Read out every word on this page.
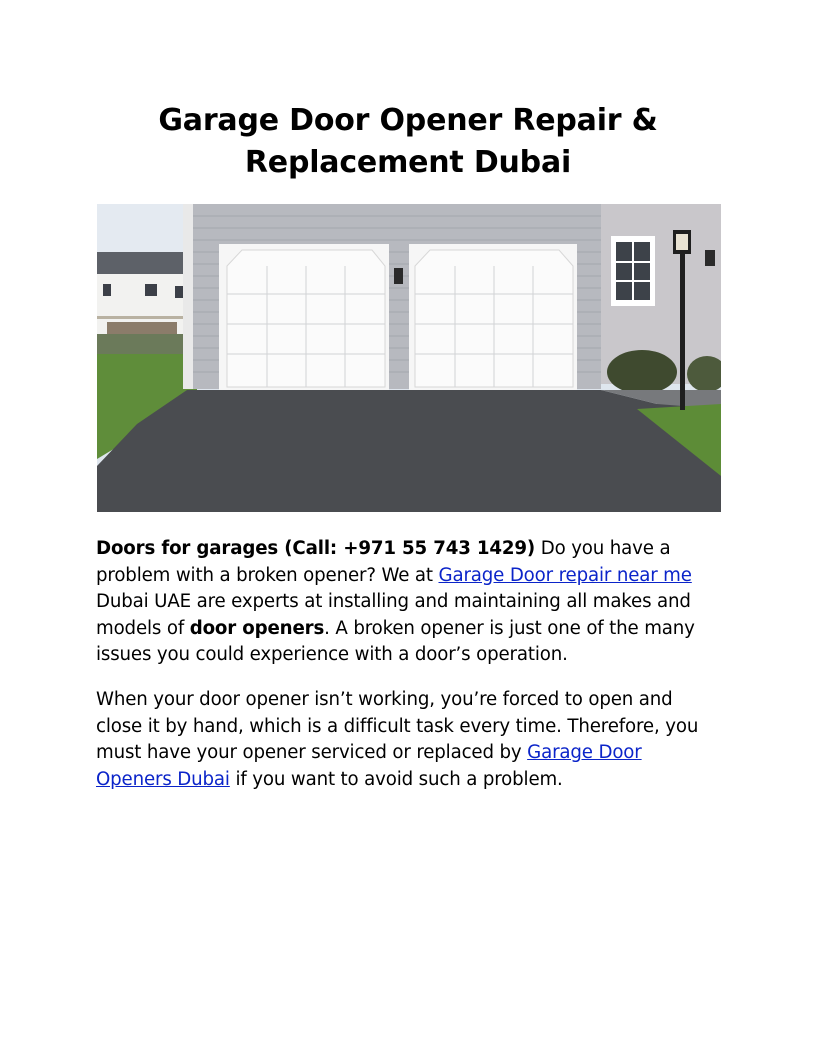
Garage Door Opener Repair &
Replacement Dubai

Doors for garages (Call: +971 55 743 1429) Do you have a problem with a broken opener? We at Garage Door repair near me Dubai UAE are experts at installing and maintaining all makes and models of door openers. A broken opener is just one of the many issues you could experience with a door’s operation.

When your door opener isn’t working, you’re forced to open and close it by hand, which is a difficult task every time. Therefore, you must have your opener serviced or replaced by Garage Door Openers Dubai if you want to avoid such a problem.
